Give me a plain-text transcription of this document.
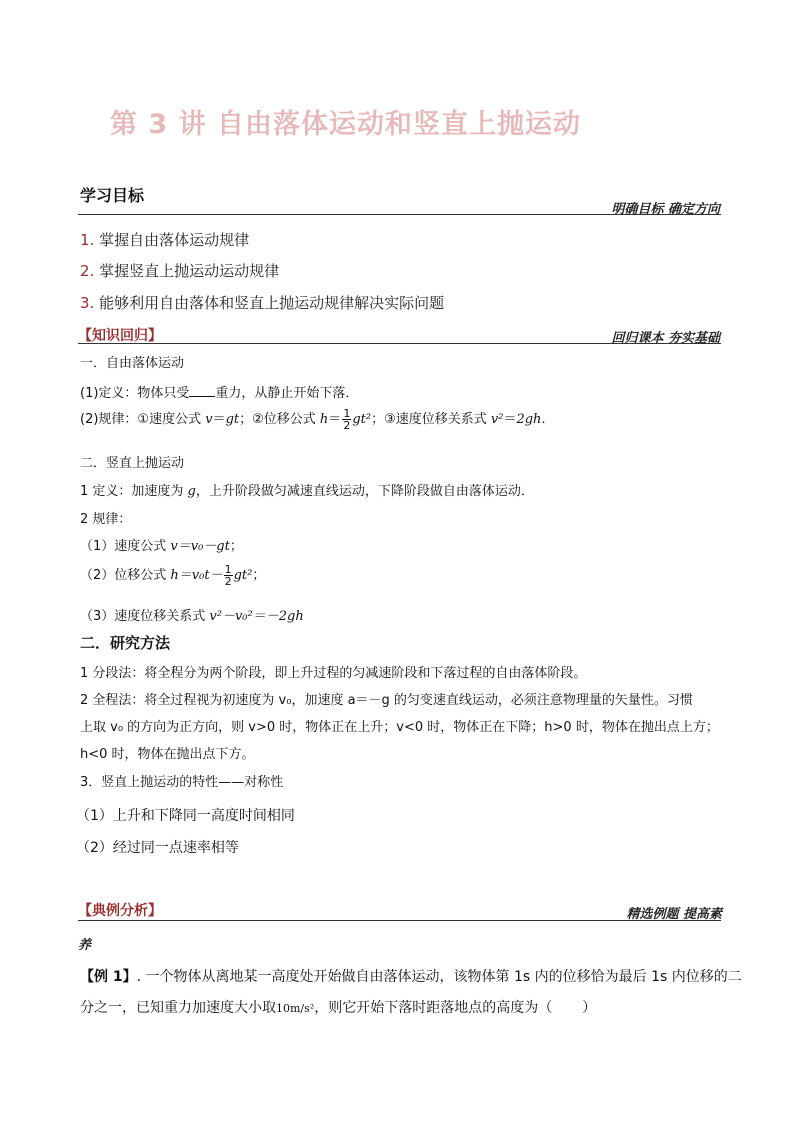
第 3 讲 自由落体运动和竖直上抛运动
学习目标
明确目标 确定方向
1. 掌握自由落体运动规律
2. 掌握竖直上抛运动运动规律
3. 能够利用自由落体和竖直上抛运动规律解决实际问题
【知识回归】	回归课本 夯实基础
一．自由落体运动
(1)定义：物体只受 重力，从静止开始下落．
(2)规律：①速度公式 v＝gt；②位移公式 $h= \frac{1}{2} gt^2$；③速度位移关系式 v²＝2gh.
二．竖直上抛运动
1 定义：加速度为 g，上升阶段做匀减速直线运动，下降阶段做自由落体运动．
2 规律：
（1）速度公式 v＝v₀－gt；
（2）位移公式 $h=v_0t- \frac{1}{2} gt^2$；
（3）速度位移关系式 v²－v₀²＝－2gh
二．研究方法
1 分段法：将全程分为两个阶段，即上升过程的匀减速阶段和下落过程的自由落体阶段。
2 全程法：将全过程视为初速度为 v₀，加速度 a＝－g 的匀变速直线运动，必须注意物理量的矢量性。习惯
上取 v₀ 的方向为正方向，则 v>0 时，物体正在上升；v<0 时，物体正在下降；h>0 时，物体在抛出点上方；
h<0 时，物体在抛出点下方。
3．竖直上抛运动的特性——对称性
（1）上升和下降同一高度时间相同
（2）经过同一点速率相等
【典例分析】	精选例题 提高素
养
【例 1】. 一个物体从离地某一高度处开始做自由落体运动，该物体第 1s 内的位移恰为最后 1s 内位移的二
分之一，已知重力加速度大小取10m/s²，则它开始下落时距落地点的高度为（ ）
